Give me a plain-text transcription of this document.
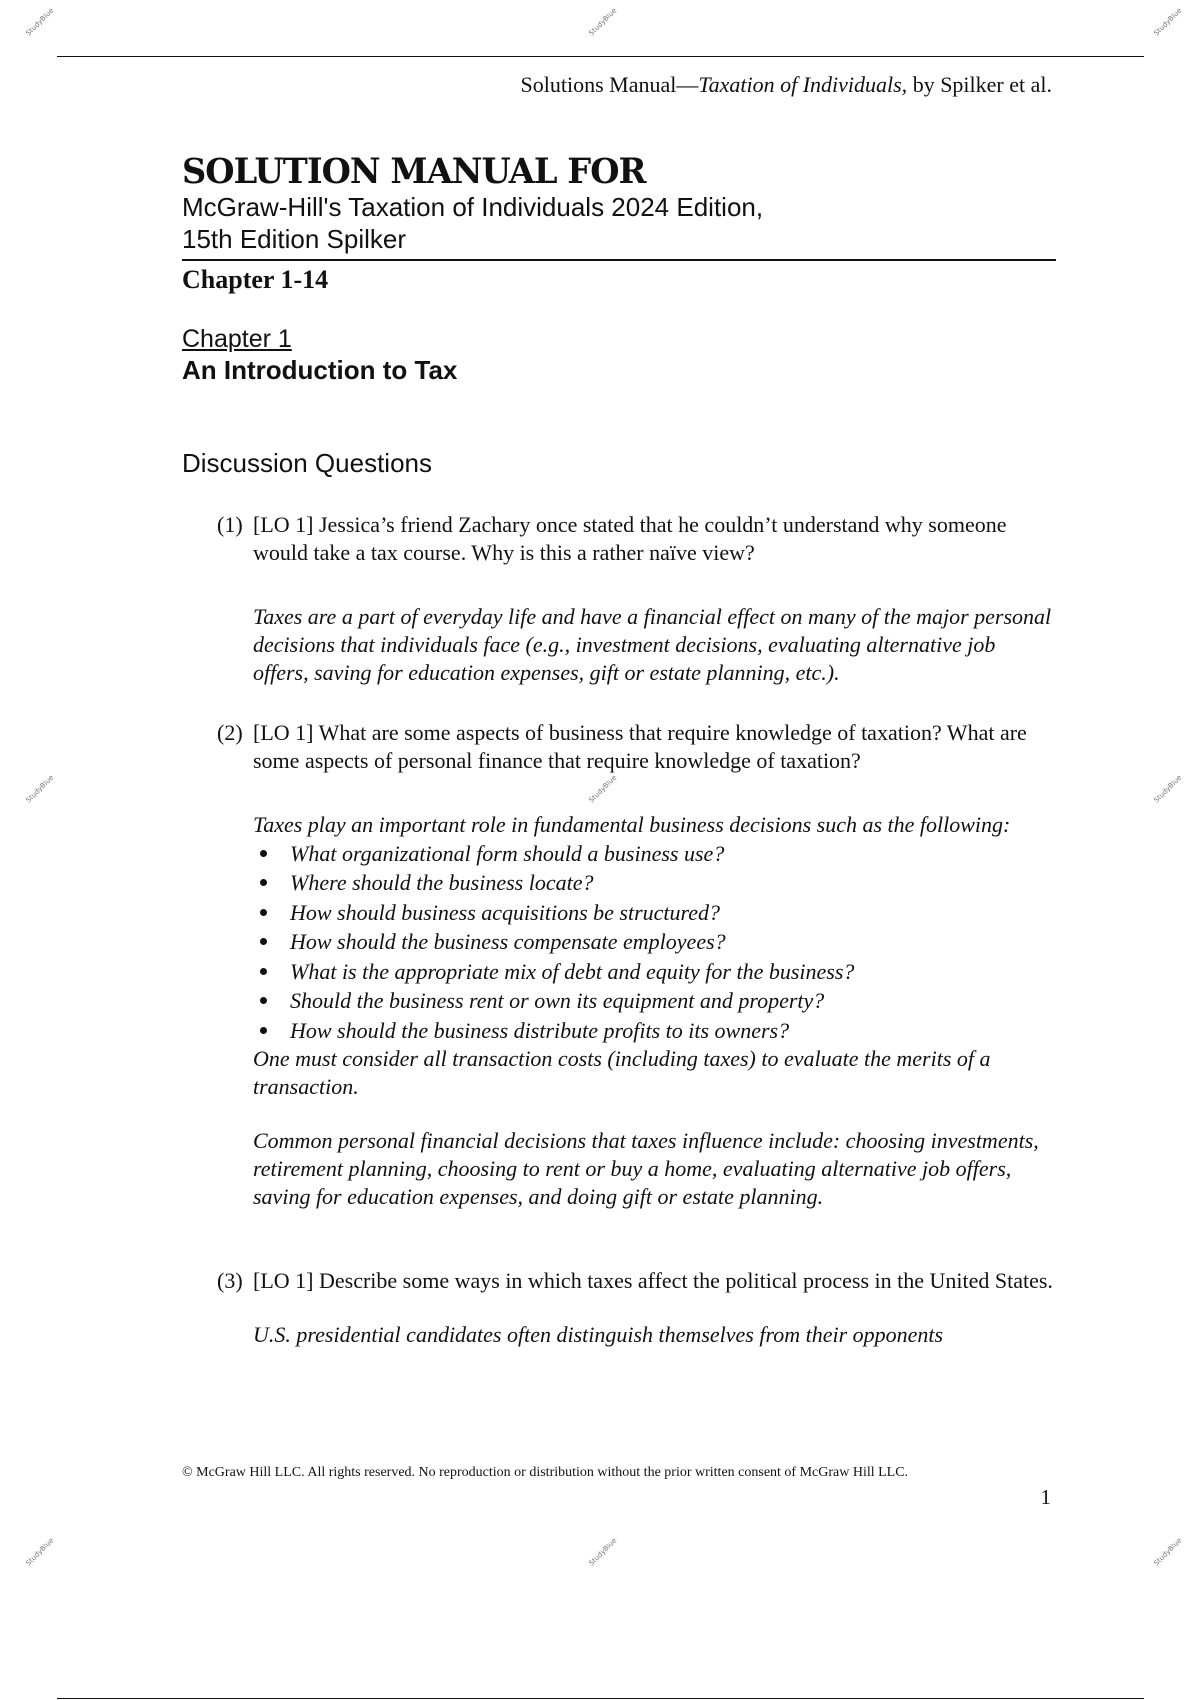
StudyBlue	StudyBlue	StudyBlue
StudyBlue	StudyBlue	StudyBlue
StudyBlue	StudyBlue	StudyBlue
Solutions Manual—Taxation of Individuals, by Spilker et al.
SOLUTION MANUAL FOR
McGraw-Hill's Taxation of Individuals 2024 Edition,
15th Edition Spilker
Chapter 1-14
Chapter 1
An Introduction to Tax
Discussion Questions
(1) [LO 1] Jessica’s friend Zachary once stated that he couldn’t understand why someone would take a tax course. Why is this a rather naïve view?
Taxes are a part of everyday life and have a financial effect on many of the major personal decisions that individuals face (e.g., investment decisions, evaluating alternative job offers, saving for education expenses, gift or estate planning, etc.).
(2) [LO 1] What are some aspects of business that require knowledge of taxation? What are some aspects of personal finance that require knowledge of taxation?
Taxes play an important role in fundamental business decisions such as the following:
What organizational form should a business use?
Where should the business locate?
How should business acquisitions be structured?
How should the business compensate employees?
What is the appropriate mix of debt and equity for the business?
Should the business rent or own its equipment and property?
How should the business distribute profits to its owners?
One must consider all transaction costs (including taxes) to evaluate the merits of a transaction.
Common personal financial decisions that taxes influence include: choosing investments, retirement planning, choosing to rent or buy a home, evaluating alternative job offers, saving for education expenses, and doing gift or estate planning.
(3) [LO 1] Describe some ways in which taxes affect the political process in the United States.
U.S. presidential candidates often distinguish themselves from their opponents
© McGraw Hill LLC. All rights reserved. No reproduction or distribution without the prior written consent of McGraw Hill LLC.
1
